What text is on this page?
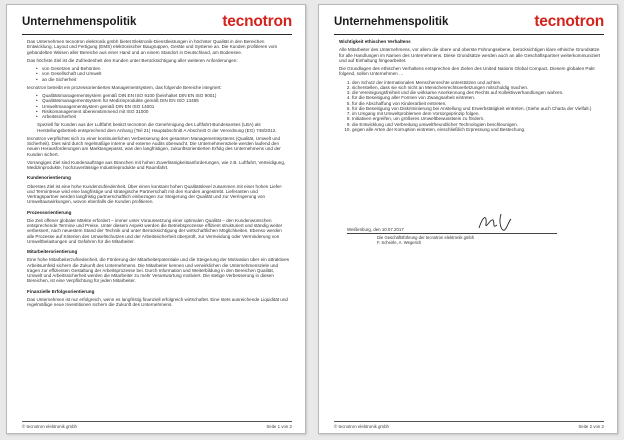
Unternehmenspolitik	tecnotron

Das Unternehmen tecnotron elektronik gmbh bietet Elektronik-Dienstleistungen in höchster Qualität in den Bereichen Entwicklung, Layout und Fertigung (EMS) elektronischer Baugruppen, Geräte und Systeme an. Die Kunden profitieren vom gebündelten Wissen aller Bereiche aus einer Hand und an einem Standort in Deutschland, am Bodensee.

Das höchste Ziel ist die Zufriedenheit des Kunden unter Berücksichtigung aller weiteren Anforderungen:

• von Gesetzen und Behörden
• von Gesellschaft und Umwelt
• an die Sicherheit

tecnotron betreibt ein prozessorientiertes Managementsystem, das folgende Bereiche integriert:

• Qualitätsmanagementsystem gemäß DIN EN ISO 9100 (beinhaltet DIN EN ISO 9001)
• Qualitätsmanagementsystem für Medizinprodukte gemäß DIN EN ISO 13485
• Umweltmanagementsystem gemäß DIN EN ISO 14001
• Risikomanagement übereinstimmend mit ISO 31000
• Arbeitssicherheit

Speziell für Kunden aus der Luftfahrt besitzt tecnotron die Genehmigung des Luftfahrt-Bundesamtes (LBA) als Herstellungsbetrieb entsprechend dem Anhang (Teil 21) Hauptabschnitt A Abschnitt G der Verordnung (EG) 748/2012.

tecnotron verpflichtet sich zu einer kontinuierlichen Verbesserung des gesamten Managementsystems (Qualität, Umwelt und Sicherheit). Dies wird durch regelmäßige interne und externe Audits überwacht. Die Unternehmensziele werden laufend den neuen Herausforderungen am Marktangepasst, was den langfristigen, zukunftsorientierten Erfolg des Unternehmens und der Kunden sichert.

Vorrangiges Ziel sind Kundenaufträge aus Branchen mit hohen Zuverlässigkeitsanforderungen, wie z.B. Luftfahrt, Verteidigung, Medizinprodukte, hochzuverlässige Industrieprodukte und Raumfahrt.

Kundenorientierung

Oberstes Ziel ist eine hohe Kundenzufriedenheit. Über einen konstant hohen Qualitätslevel zusammen mit einer hohen Liefer- und Termintreue wird eine langfristige und strategische Partnerschaft mit den Kunden angestrebt. Lieferanten und Vertragspartner werden langfristig partnerschaftlich einbezogen zur Steigerung der Qualität und zur Verringerung von Umweltauswirkungen, wovon ebenfalls die Kunden profitieren.

Prozessorientierung

Die Zeit offener globaler Märkte erfordert – immer unter Voraussetzung einer optimalen Qualität – den Kundenwünschen entsprechende Termine und Preise. Unter diesem Aspekt werden die Betriebsprozesse effizient strukturiert und ständig weiter verbessert, nach neuestem Stand der Technik und unter Berücksichtigung der wirtschaftlichen Möglichkeiten. Ebenso werden alle Prozesse auf Kriterien des Umweltschutzes und der Arbeitssicherheit überprüft, zur Vermeidung oder Verminderung von Umweltbelastungen und Gefahren für die Mitarbeiter.

Mitarbeiterorientierung

Eine hohe Mitarbeiterzufriedenheit, die Förderung der Mitarbeiterpotentiale und die Steigerung der Motivation über ein attraktives Arbeitsumfeld sichern die Zukunft des Unternehmens. Die Mitarbeiter kennen und verwirklichen die Unternehmensziele und tragen zur effizienten Gestaltung der Arbeitsprozesse bei. Durch Information und Weiterbildung in den Bereichen Qualität, Umwelt und Arbeitssicherheit werden die Mitarbeiter zu mehr Verantwortung motiviert. Die stetige Verbesserung in diesen Bereichen, ist eine Verpflichtung für jeden Mitarbeiter.

Finanzielle Erfolgsorientierung

Das Unternehmen ist nur erfolgreich, wenn es langfristig finanziell erfolgreich wirtschaftet. Eine stets ausreichende Liquidität und regelmäßige neue Investitionen sichern die Zukunft des Unternehmens.

© tecnotron elektronik gmbh	Seite 1 von 2
Unternehmenspolitik	tecnotron

Wichtigkeit ethischen Verhaltens

Alle Mitarbeiter des Unternehmens, vor allem die obere und oberste Führungsebene, berücksichtigen klare ethische Grundsätze für alle Handlungen im Namen des Unternehmens. Diese Grundsätze werden auch an alle Geschäftspartner weiterkommuniziert und auf Einhaltung hingearbeitet.

Die Grundlagen des ethischen Verhaltens entsprechen den Zielen des United Nations Global Compact. Diesem globalen Pakt folgend, sollen Unternehmen …

1. den Schutz der internationalen Menschenrechte unterstützen und achten.
2. sicherstellen, dass sie sich nicht an Menschenrechtsverletzungen mitschuldig machen.
3. die Vereinigungsfreiheit und die wirksame Anerkennung des Rechts auf Kollektivverhandlungen wahren.
4. für die Beseitigung aller Formen von Zwangsarbeit eintreten.
5. für die Abschaffung von Kinderarbeit eintreten.
6. für die Beseitigung von Diskriminierung bei Anstellung und Erwerbstätigkeit eintreten. (Siehe auch Charta der Vielfalt.)
7. im Umgang mit Umweltproblemen dem Vorsorgeprinzip folgen.
8. Initiativen ergreifen, um größeres Umweltbewusstsein zu fördern.
9. die Entwicklung und Verbreitung umweltfreundlicher Technologien beschleunigen.
10. gegen alle Arten der Korruption eintreten, einschließlich Erpressung und Bestechung.
Weißenburg, den 10.07.2017
Die Geschäftsführung der tecnotron elektronik gmbh
F. Scheirle, A. Wegerich
© tecnotron elektronik gmbh	Seite 2 von 2
